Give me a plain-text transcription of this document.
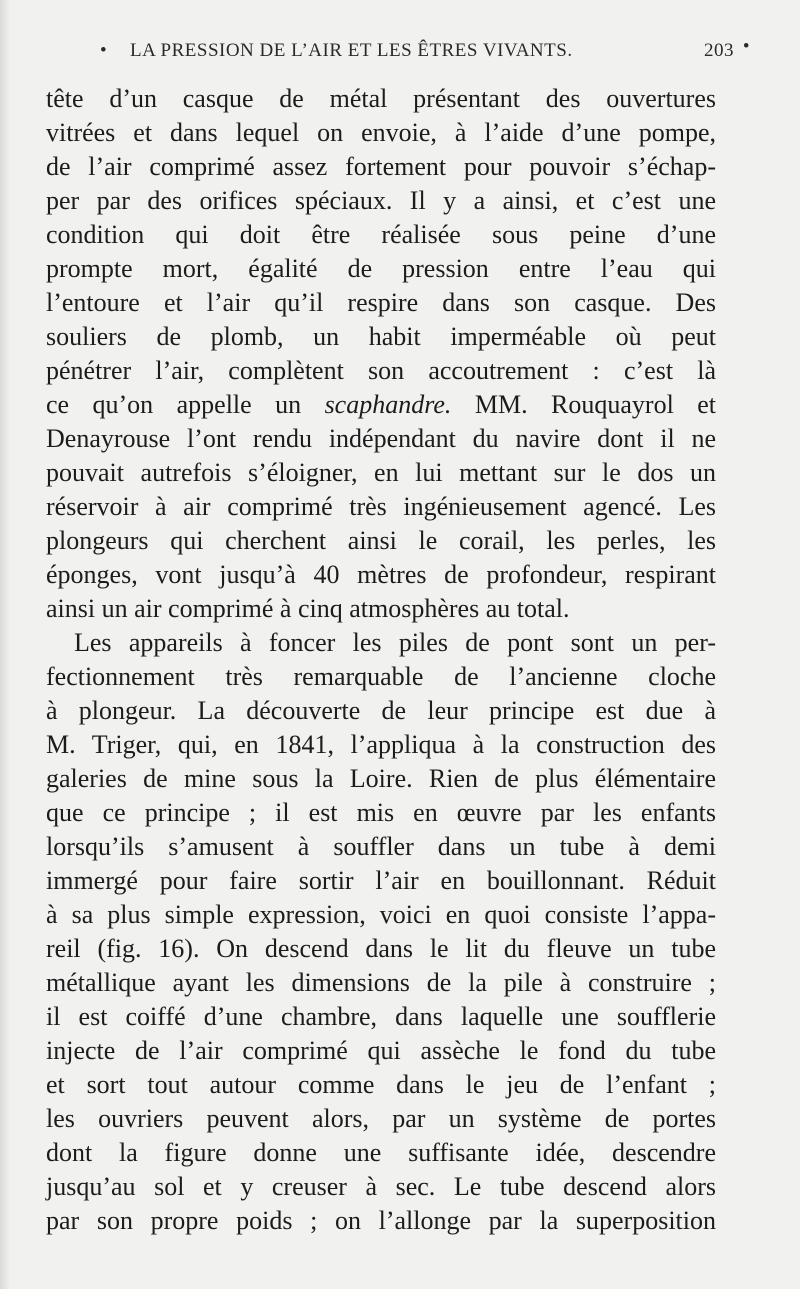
• LA PRESSION DE L’AIR ET LES ÊTRES VIVANTS.	203 •
tête d’un casque de métal présentant des ouvertures
vitrées et dans lequel on envoie, à l’aide d’une pompe,
de l’air comprimé assez fortement pour pouvoir s’échap-
per par des orifices spéciaux. Il y a ainsi, et c’est une
condition qui doit être réalisée sous peine d’une
prompte mort, égalité de pression entre l’eau qui
l’entoure et l’air qu’il respire dans son casque. Des
souliers de plomb, un habit imperméable où peut
pénétrer l’air, complètent son accoutrement : c’est là
ce qu’on appelle un scaphandre. MM. Rouquayrol et
Denayrouse l’ont rendu indépendant du navire dont il ne
pouvait autrefois s’éloigner, en lui mettant sur le dos un
réservoir à air comprimé très ingénieusement agencé. Les
plongeurs qui cherchent ainsi le corail, les perles, les
éponges, vont jusqu’à 40 mètres de profondeur, respirant
ainsi un air comprimé à cinq atmosphères au total.
Les appareils à foncer les piles de pont sont un per-
fectionnement très remarquable de l’ancienne cloche
à plongeur. La découverte de leur principe est due à
M. Triger, qui, en 1841, l’appliqua à la construction des
galeries de mine sous la Loire. Rien de plus élémentaire
que ce principe ; il est mis en œuvre par les enfants
lorsqu’ils s’amusent à souffler dans un tube à demi
immergé pour faire sortir l’air en bouillonnant. Réduit
à sa plus simple expression, voici en quoi consiste l’appa-
reil (fig. 16). On descend dans le lit du fleuve un tube
métallique ayant les dimensions de la pile à construire ;
il est coiffé d’une chambre, dans laquelle une soufflerie
injecte de l’air comprimé qui assèche le fond du tube
et sort tout autour comme dans le jeu de l’enfant ;
les ouvriers peuvent alors, par un système de portes
dont la figure donne une suffisante idée, descendre
jusqu’au sol et y creuser à sec. Le tube descend alors
par son propre poids ; on l’allonge par la superposition
